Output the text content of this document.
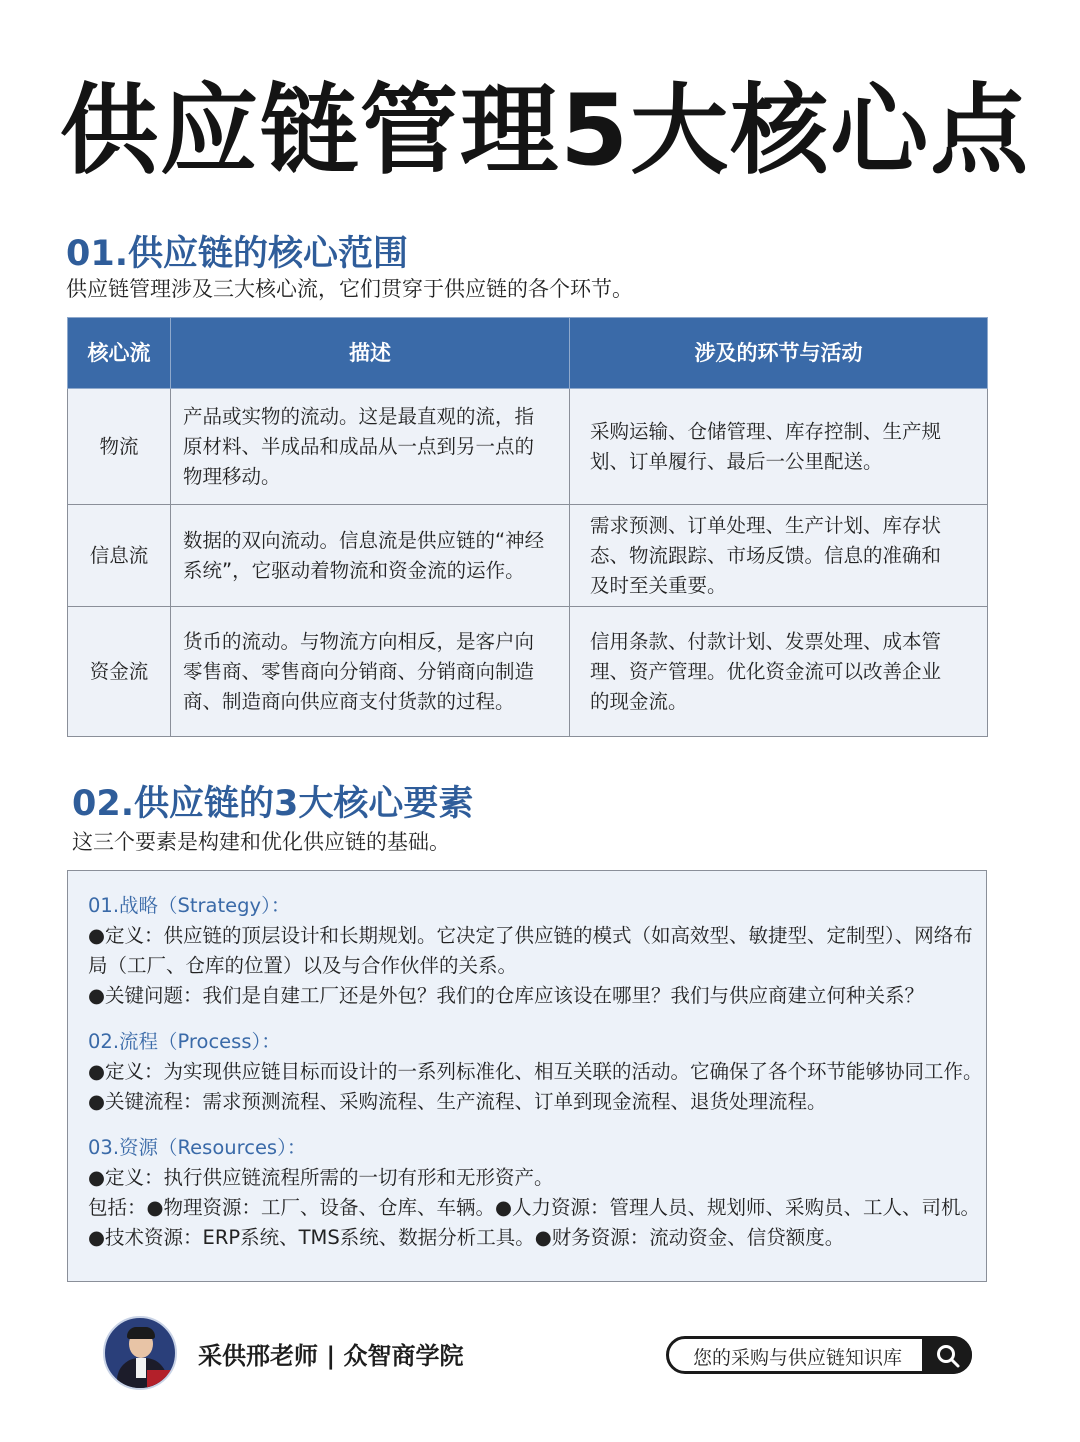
供应链管理5大核心点
01.供应链的核心范围
供应链管理涉及三大核心流，它们贯穿于供应链的各个环节。
核心流	描述	涉及的环节与活动
物流	产品或实物的流动。这是最直观的流，指原材料、半成品和成品从一点到另一点的物理移动。	采购运输、仓储管理、库存控制、生产规划、订单履行、最后一公里配送。
信息流	数据的双向流动。信息流是供应链的“神经系统”，它驱动着物流和资金流的运作。	需求预测、订单处理、生产计划、库存状态、物流跟踪、市场反馈。信息的准确和及时至关重要。
资金流	货币的流动。与物流方向相反，是客户向零售商、零售商向分销商、分销商向制造商、制造商向供应商支付货款的过程。	信用条款、付款计划、发票处理、成本管理、资产管理。优化资金流可以改善企业的现金流。
02.供应链的3大核心要素
这三个要素是构建和优化供应链的基础。
01.战略（Strategy）：
●定义：供应链的顶层设计和长期规划。它决定了供应链的模式（如高效型、敏捷型、定制型）、网络布局（工厂、仓库的位置）以及与合作伙伴的关系。
●关键问题：我们是自建工厂还是外包？我们的仓库应该设在哪里？我们与供应商建立何种关系？
02.流程（Process）：
●定义：为实现供应链目标而设计的一系列标准化、相互关联的活动。它确保了各个环节能够协同工作。
●关键流程：需求预测流程、采购流程、生产流程、订单到现金流程、退货处理流程。
03.资源（Resources）：
●定义：执行供应链流程所需的一切有形和无形资产。
包括：●物理资源：工厂、设备、仓库、车辆。●人力资源：管理人员、规划师、采购员、工人、司机。
●技术资源：ERP系统、TMS系统、数据分析工具。●财务资源：流动资金、信贷额度。
采供邢老师 | 众智商学院	您的采购与供应链知识库
